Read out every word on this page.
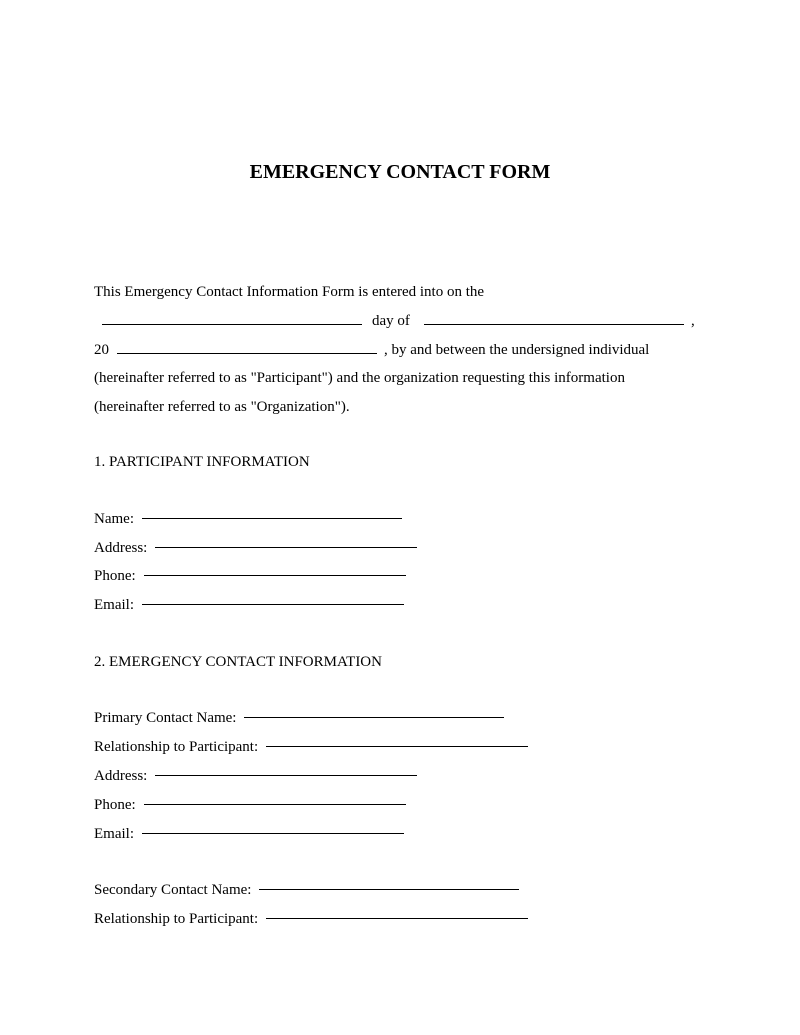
EMERGENCY CONTACT FORM
This Emergency Contact Information Form is entered into on the
day of	,
20	, by and between the undersigned individual
(hereinafter referred to as "Participant") and the organization requesting this information
(hereinafter referred to as "Organization").
1. PARTICIPANT INFORMATION
Name:
Address:
Phone:
Email:
2. EMERGENCY CONTACT INFORMATION
Primary Contact Name:
Relationship to Participant:
Address:
Phone:
Email:
Secondary Contact Name:
Relationship to Participant:
